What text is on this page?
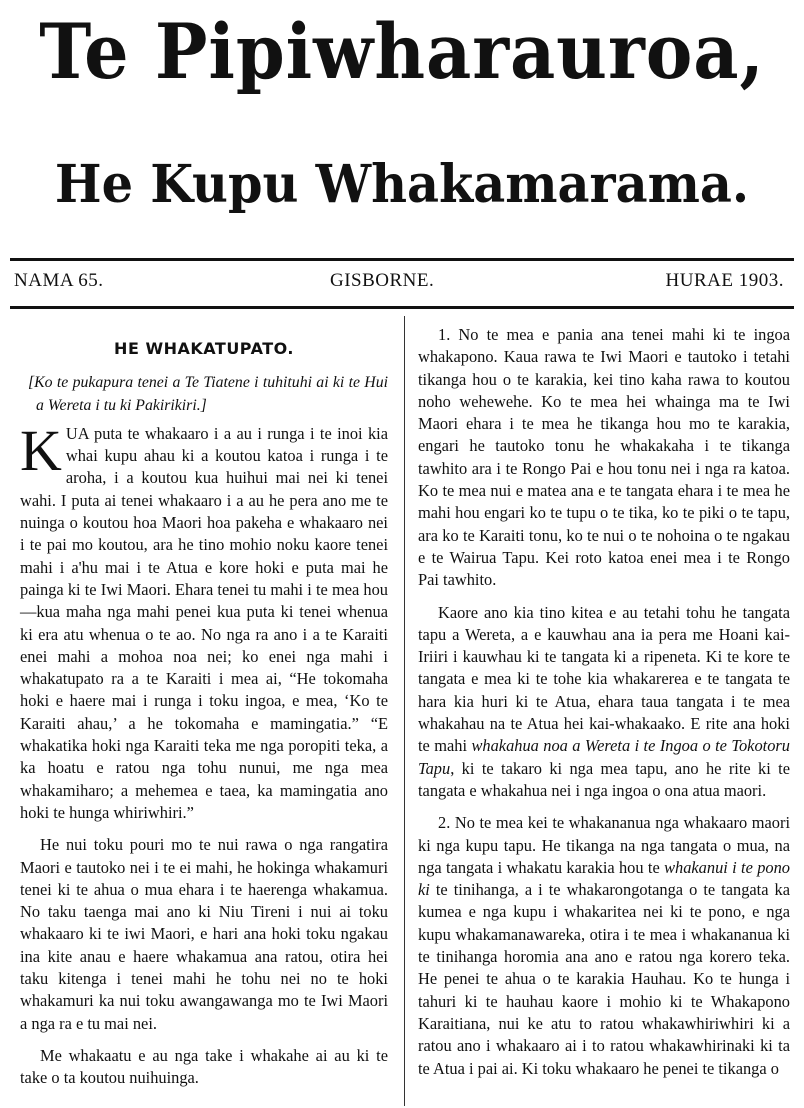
Te Pipiwharauroa,
He Kupu Whakamarama.
NAMA 65.	GISBORNE.	HURAE 1903.
HE WHAKATUPATO.

[Ko te pukapura tenei a Te Tiatene i tuhituhi ai ki te Hui a Wereta i tu ki Pakirikiri.]

KUA puta te whakaaro i a au i runga i te inoi kia whai kupu ahau ki a koutou katoa i runga i te aroha, i a koutou kua huihui mai nei ki tenei wahi. I puta ai tenei whakaaro i a au he pera ano me te nuinga o koutou hoa Maori hoa pakeha e whakaaro nei i te pai mo koutou, ara he tino mohio noku kaore tenei mahi i a'hu mai i te Atua e kore hoki e puta mai he painga ki te Iwi Maori. Ehara tenei tu mahi i te mea hou—kua maha nga mahi penei kua puta ki tenei whenua ki era atu whenua o te ao. No nga ra ano i a te Karaiti enei mahi a mohoa noa nei; ko enei nga mahi i whakatupato ra a te Karaiti i mea ai, “He tokomaha hoki e haere mai i runga i toku ingoa, e mea, ‘Ko te Karaiti ahau,’ a he tokomaha e mamingatia.” “E whakatika hoki nga Karaiti teka me nga poropiti teka, a ka hoatu e ratou nga tohu nunui, me nga mea whakamiharo; a mehemea e taea, ka mamingatia ano hoki te hunga whiriwhiri.”

He nui toku pouri mo te nui rawa o nga rangatira Maori e tautoko nei i te ei mahi, he hokinga whakamuri tenei ki te ahua o mua ehara i te haerenga whakamua. No taku taenga mai ano ki Niu Tireni i nui ai toku whakaaro ki te iwi Maori, e hari ana hoki toku ngakau ina kite anau e haere whakamua ana ratou, otira hei taku kitenga i tenei mahi he tohu nei no te hoki whakamuri ka nui toku awangawanga mo te Iwi Maori a nga ra e tu mai nei.

Me whakaatu e au nga take i whakahe ai au ki te take o ta koutou nuihuinga.

1. No te mea e pania ana tenei mahi ki te ingoa whakapono. Kaua rawa te Iwi Maori e tautoko i tetahi tikanga hou o te karakia, kei tino kaha rawa to koutou noho wehewehe. Ko te mea hei whainga ma te Iwi Maori ehara i te mea he tikanga hou mo te karakia, engari he tautoko tonu he whakakaha i te tikanga tawhito ara i te Rongo Pai e hou tonu nei i nga ra katoa. Ko te mea nui e matea ana e te tangata ehara i te mea he mahi hou engari ko te tupu o te tika, ko te piki o te tapu, ara ko te Karaiti tonu, ko te nui o te nohoina o te ngakau e te Wairua Tapu. Kei roto katoa enei mea i te Rongo Pai tawhito.

Kaore ano kia tino kitea e au tetahi tohu he tangata tapu a Wereta, a e kauwhau ana ia pera me Hoani kai-Iriiri i kauwhau ki te tangata ki a ripeneta. Ki te kore te tangata e mea ki te tohe kia whakarerea e te tangata te hara kia huri ki te Atua, ehara taua tangata i te mea whakahau na te Atua hei kai-whakaako. E rite ana hoki te mahi whakahua noa a Wereta i te Ingoa o te Tokotoru Tapu, ki te takaro ki nga mea tapu, ano he rite ki te tangata e whakahua nei i nga ingoa o ona atua maori.

2. No te mea kei te whakananua nga whakaaro maori ki nga kupu tapu. He tikanga na nga tangata o mua, na nga tangata i whakatu karakia hou te whakanui i te pono ki te tinihanga, a i te whakarongotanga o te tangata ka kumea e nga kupu i whakaritea nei ki te pono, e nga kupu whakamanawareka, otira i te mea i whakananua ki te tinihanga horomia ana ano e ratou nga korero teka. He penei te ahua o te karakia Hauhau. Ko te hunga i tahuri ki te hauhau kaore i mohio ki te Whakapono Karaitiana, nui ke atu to ratou whakawhiriwhiri ki a ratou ano i whakaaro ai i to ratou whakawhirinaki ki ta te Atua i pai ai. Ki toku whakaaro he penei te tikanga o
